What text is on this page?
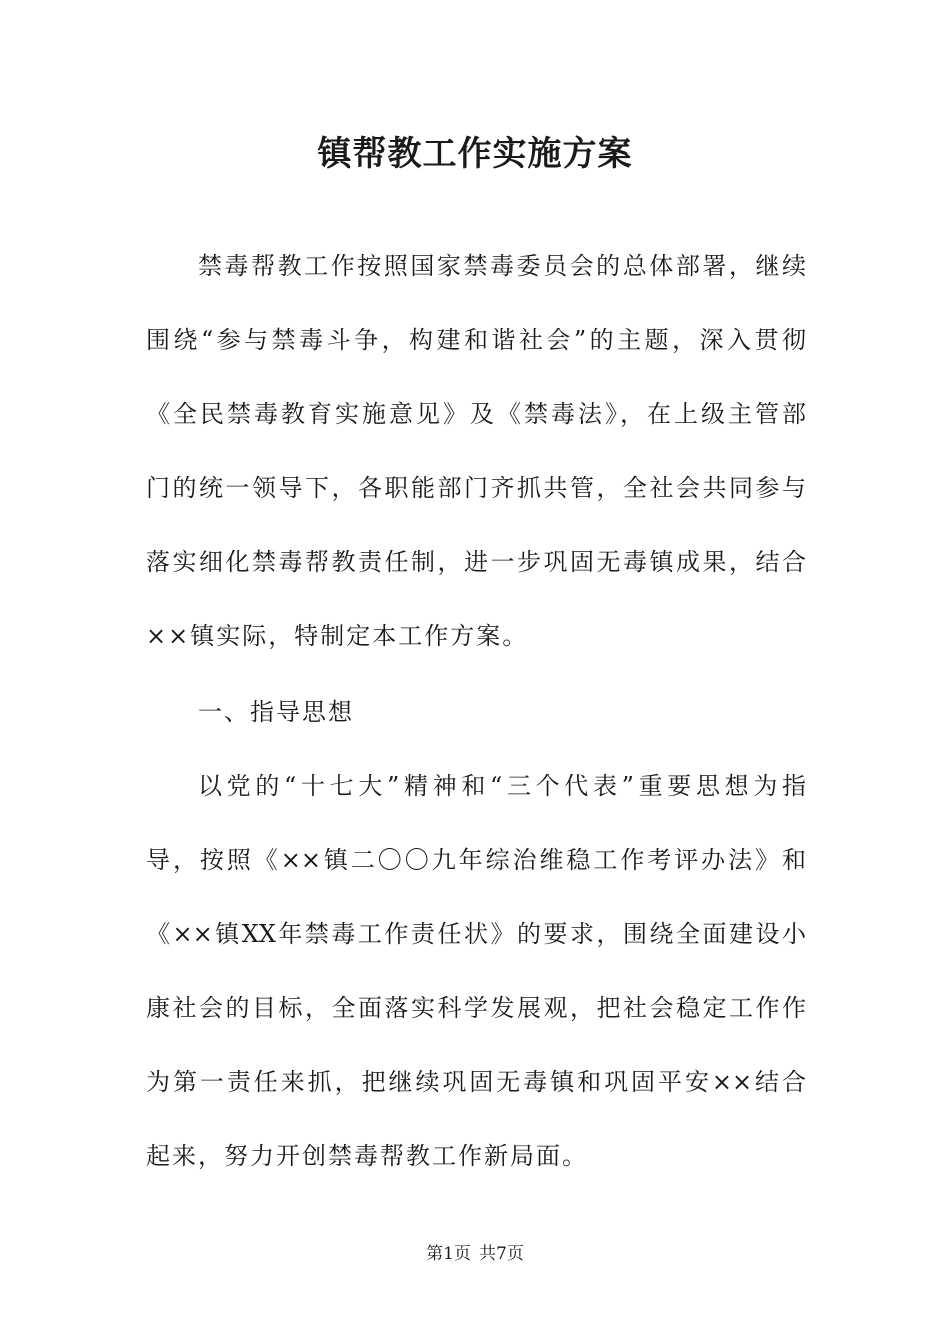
镇帮教工作实施方案
禁毒帮教工作按照国家禁毒委员会的总体部署，继续
围绕“参与禁毒斗争，构建和谐社会”的主题，深入贯彻
《全民禁毒教育实施意见》及《禁毒法》，在上级主管部
门的统一领导下，各职能部门齐抓共管，全社会共同参与
落实细化禁毒帮教责任制，进一步巩固无毒镇成果，结合
××镇实际，特制定本工作方案。
一、指导思想
以党的“十七大”精神和“三个代表”重要思想为指
导，按照《××镇二〇〇九年综治维稳工作考评办法》和
《××镇XX年禁毒工作责任状》的要求，围绕全面建设小
康社会的目标，全面落实科学发展观，把社会稳定工作作
为第一责任来抓，把继续巩固无毒镇和巩固平安××结合
起来，努力开创禁毒帮教工作新局面。
第1页 共7页
